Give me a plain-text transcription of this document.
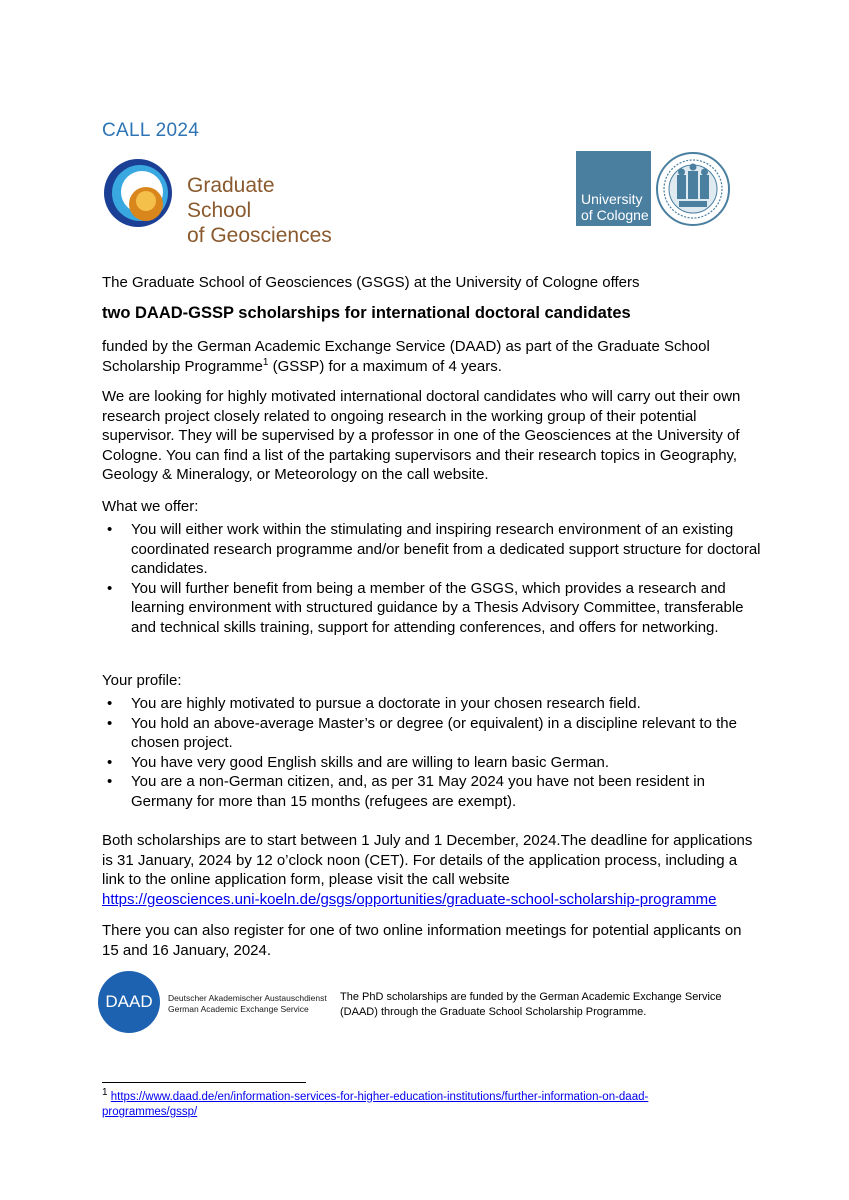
CALL 2024
Graduate School
of Geosciences
University
of Cologne
The Graduate School of Geosciences (GSGS) at the University of Cologne offers
two DAAD-GSSP scholarships for international doctoral candidates
funded by the German Academic Exchange Service (DAAD) as part of the Graduate School Scholarship Programme$^1$ (GSSP) for a maximum of 4 years.
We are looking for highly motivated international doctoral candidates who will carry out their own research project closely related to ongoing research in the working group of their potential supervisor. They will be supervised by a professor in one of the Geosciences at the University of Cologne. You can find a list of the partaking supervisors and their research topics in Geography, Geology & Mineralogy, or Meteorology on the call website.
What we offer:
• You will either work within the stimulating and inspiring research environment of an existing coordinated research programme and/or benefit from a dedicated support structure for doctoral candidates.
• You will further benefit from being a member of the GSGS, which provides a research and learning environment with structured guidance by a Thesis Advisory Committee, transferable and technical skills training, support for attending conferences, and offers for networking.
Your profile:
• You are highly motivated to pursue a doctorate in your chosen research field.
• You hold an above-average Master’s or degree (or equivalent) in a discipline relevant to the chosen project.
• You have very good English skills and are willing to learn basic German.
• You are a non-German citizen, and, as per 31 May 2024 you have not been resident in Germany for more than 15 months (refugees are exempt).
Both scholarships are to start between 1 July and 1 December, 2024.The deadline for applications is 31 January, 2024 by 12 o’clock noon (CET). For details of the application process, including a link to the online application form, please visit the call website
https://geosciences.uni-koeln.de/gsgs/opportunities/graduate-school-scholarship-programme
There you can also register for one of two online information meetings for potential applicants on 15 and 16 January, 2024.
DAAD	Deutscher Akademischer Austauschdienst
German Academic Exchange Service
The PhD scholarships are funded by the German Academic Exchange Service (DAAD) through the Graduate School Scholarship Programme.
$^1$ https://www.daad.de/en/information-services-for-higher-education-institutions/further-information-on-daad-programmes/gssp/
